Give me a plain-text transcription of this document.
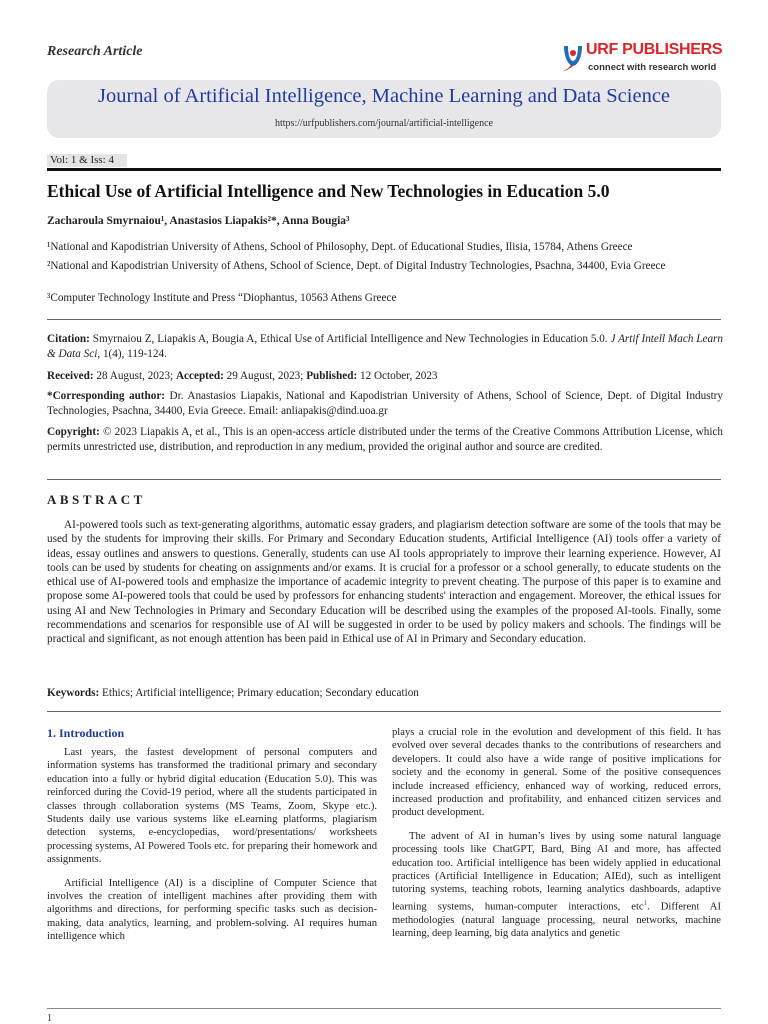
Research Article	URF PUBLISHERS
connect with research world
Journal of Artificial Intelligence, Machine Learning and Data Science
https://urfpublishers.com/journal/artificial-intelligence
Vol: 1 & Iss: 4
Ethical Use of Artificial Intelligence and New Technologies in Education 5.0
Zacharoula Smyrnaiou¹, Anastasios Liapakis²*, Anna Bougia³
¹National and Kapodistrian University of Athens, School of Philosophy, Dept. of Educational Studies, Ilisia, 15784, Athens Greece
²National and Kapodistrian University of Athens, School of Science, Dept. of Digital Industry Technologies, Psachna, 34400, Evia Greece
³Computer Technology Institute and Press “Diophantus, 10563 Athens Greece
Citation: Smyrnaiou Z, Liapakis A, Bougia A, Ethical Use of Artificial Intelligence and New Technologies in Education 5.0. J Artif Intell Mach Learn & Data Sci, 1(4), 119-124.
Received: 28 August, 2023; Accepted: 29 August, 2023; Published: 12 October, 2023
*Corresponding author: Dr. Anastasios Liapakis, National and Kapodistrian University of Athens, School of Science, Dept. of Digital Industry Technologies, Psachna, 34400, Evia Greece. Email: anliapakis@dind.uoa.gr
Copyright: © 2023 Liapakis A, et al., This is an open-access article distributed under the terms of the Creative Commons Attribution License, which permits unrestricted use, distribution, and reproduction in any medium, provided the original author and source are credited.
ABSTRACT
AI-powered tools such as text-generating algorithms, automatic essay graders, and plagiarism detection software are some of the tools that may be used by the students for improving their skills. For Primary and Secondary Education students, Artificial Intelligence (AI) tools offer a variety of ideas, essay outlines and answers to questions. Generally, students can use AI tools appropriately to improve their learning experience. However, AI tools can be used by students for cheating on assignments and/or exams. It is crucial for a professor or a school generally, to educate students on the ethical use of AI-powered tools and emphasize the importance of academic integrity to prevent cheating. The purpose of this paper is to examine and propose some AI-powered tools that could be used by professors for enhancing students' interaction and engagement. Moreover, the ethical issues for using AI and New Technologies in Primary and Secondary Education will be described using the examples of the proposed AI-tools. Finally, some recommendations and scenarios for responsible use of AI will be suggested in order to be used by policy makers and schools. The findings will be practical and significant, as not enough attention has been paid in Ethical use of AI in Primary and Secondary education.
Keywords: Ethics; Artificial intelligence; Primary education; Secondary education
1. Introduction

Last years, the fastest development of personal computers and information systems has transformed the traditional primary and secondary education into a fully or hybrid digital education (Education 5.0). This was reinforced during the Covid-19 period, where all the students participated in classes through collaboration systems (MS Teams, Zoom, Skype etc.). Students daily use various systems like eLearning platforms, plagiarism detection systems, e-encyclopedias, word/presentations/ worksheets processing systems, AI Powered Tools etc. for preparing their homework and assignments.

Artificial Intelligence (AI) is a discipline of Computer Science that involves the creation of intelligent machines after providing them with algorithms and directions, for performing specific tasks such as decision-making, data analytics, learning, and problem-solving. AI requires human intelligence which

plays a crucial role in the evolution and development of this field. It has evolved over several decades thanks to the contributions of researchers and developers. It could also have a wide range of positive implications for society and the economy in general. Some of the positive consequences include increased efficiency, enhanced way of working, reduced errors, increased production and profitability, and enhanced citizen services and product development.

The advent of AI in human’s lives by using some natural language processing tools like ChatGPT, Bard, Bing AI and more, has affected education too. Artificial intelligence has been widely applied in educational practices (Artificial Intelligence in Education; AIEd), such as intelligent tutoring systems, teaching robots, learning analytics dashboards, adaptive learning systems, human-computer interactions, etc$^1$. Different AI methodologies (natural language processing, neural networks, machine learning, deep learning, big data analytics and genetic

1
